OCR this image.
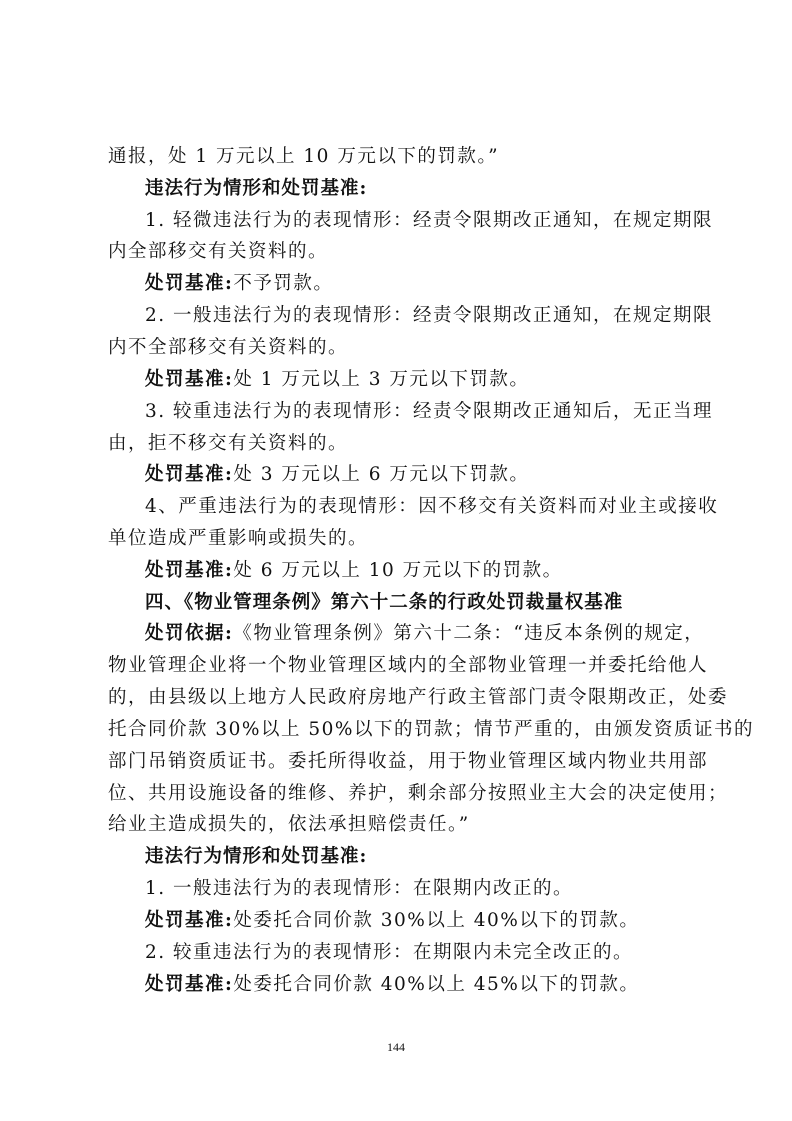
通报，处 1 万元以上 10 万元以下的罚款。”
违法行为情形和处罚基准:
1. 轻微违法行为的表现情形：经责令限期改正通知，在规定期限
内全部移交有关资料的。
处罚基准:不予罚款。
2. 一般违法行为的表现情形：经责令限期改正通知，在规定期限
内不全部移交有关资料的。
处罚基准:处 1 万元以上 3 万元以下罚款。
3. 较重违法行为的表现情形：经责令限期改正通知后，无正当理
由，拒不移交有关资料的。
处罚基准:处 3 万元以上 6 万元以下罚款。
4、严重违法行为的表现情形：因不移交有关资料而对业主或接收
单位造成严重影响或损失的。
处罚基准:处 6 万元以上 10 万元以下的罚款。
四、《物业管理条例》第六十二条的行政处罚裁量权基准
处罚依据:《物业管理条例》第六十二条：“违反本条例的规定，
物业管理企业将一个物业管理区域内的全部物业管理一并委托给他人
的，由县级以上地方人民政府房地产行政主管部门责令限期改正，处委
托合同价款 30%以上 50%以下的罚款；情节严重的，由颁发资质证书的
部门吊销资质证书。委托所得收益，用于物业管理区域内物业共用部
位、共用设施设备的维修、养护，剩余部分按照业主大会的决定使用；
给业主造成损失的，依法承担赔偿责任。”
违法行为情形和处罚基准:
1. 一般违法行为的表现情形：在限期内改正的。
处罚基准:处委托合同价款 30%以上 40%以下的罚款。
2. 较重违法行为的表现情形：在期限内未完全改正的。
处罚基准:处委托合同价款 40%以上 45%以下的罚款。
144
